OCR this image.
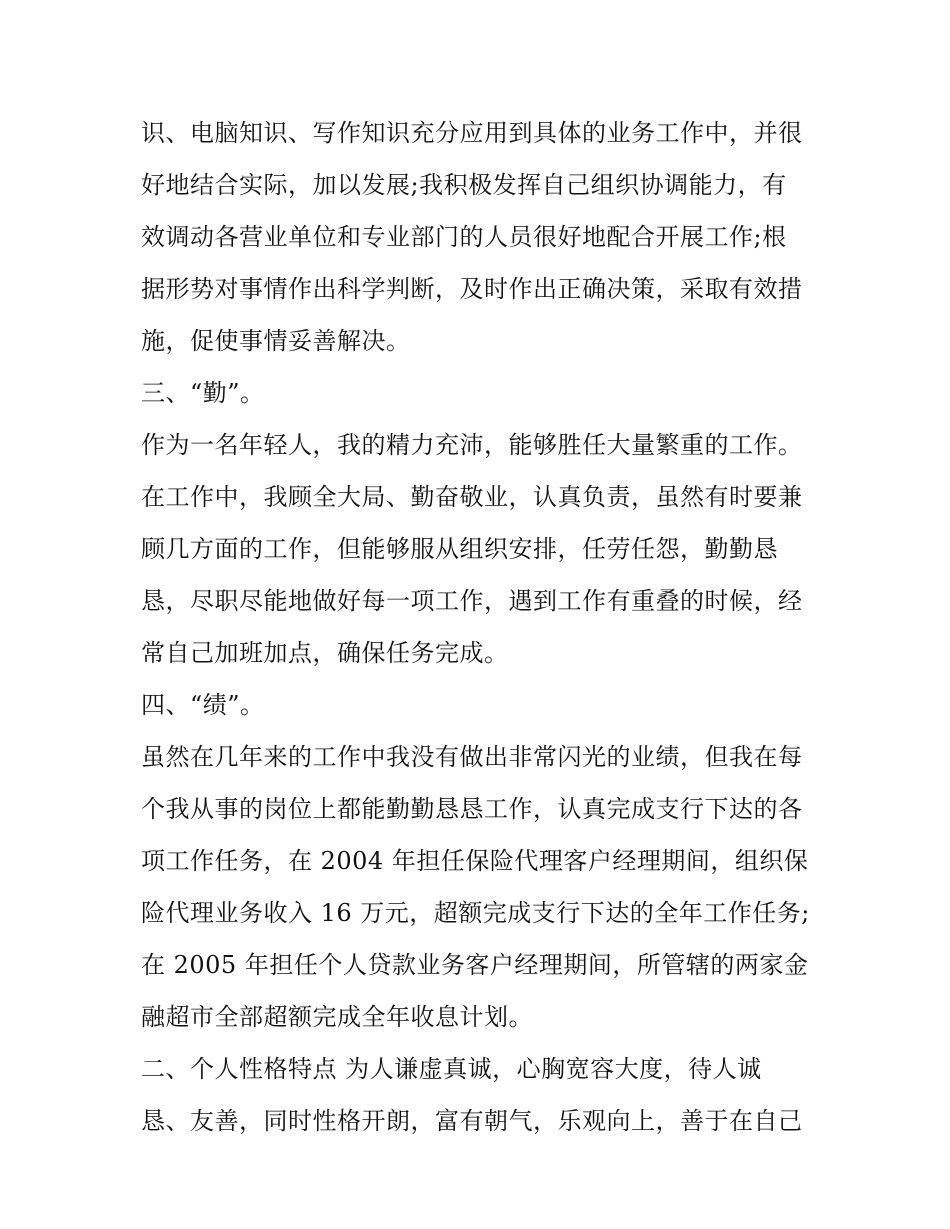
识、电脑知识、写作知识充分应用到具体的业务工作中，并很
好地结合实际，加以发展;我积极发挥自己组织协调能力，有
效调动各营业单位和专业部门的人员很好地配合开展工作;根
据形势对事情作出科学判断，及时作出正确决策，采取有效措
施，促使事情妥善解决。
三、“勤”。
作为一名年轻人，我的精力充沛，能够胜任大量繁重的工作。
在工作中，我顾全大局、勤奋敬业，认真负责，虽然有时要兼
顾几方面的工作，但能够服从组织安排，任劳任怨，勤勤恳
恳，尽职尽能地做好每一项工作，遇到工作有重叠的时候，经
常自己加班加点，确保任务完成。
四、“绩”。
虽然在几年来的工作中我没有做出非常闪光的业绩，但我在每
个我从事的岗位上都能勤勤恳恳工作，认真完成支行下达的各
项工作任务，在 2004 年担任保险代理客户经理期间，组织保
险代理业务收入 16 万元，超额完成支行下达的全年工作任务;
在 2005 年担任个人贷款业务客户经理期间，所管辖的两家金
融超市全部超额完成全年收息计划。
二、个人性格特点 为人谦虚真诚，心胸宽容大度，待人诚
恳、友善，同时性格开朗，富有朝气，乐观向上，善于在自己
